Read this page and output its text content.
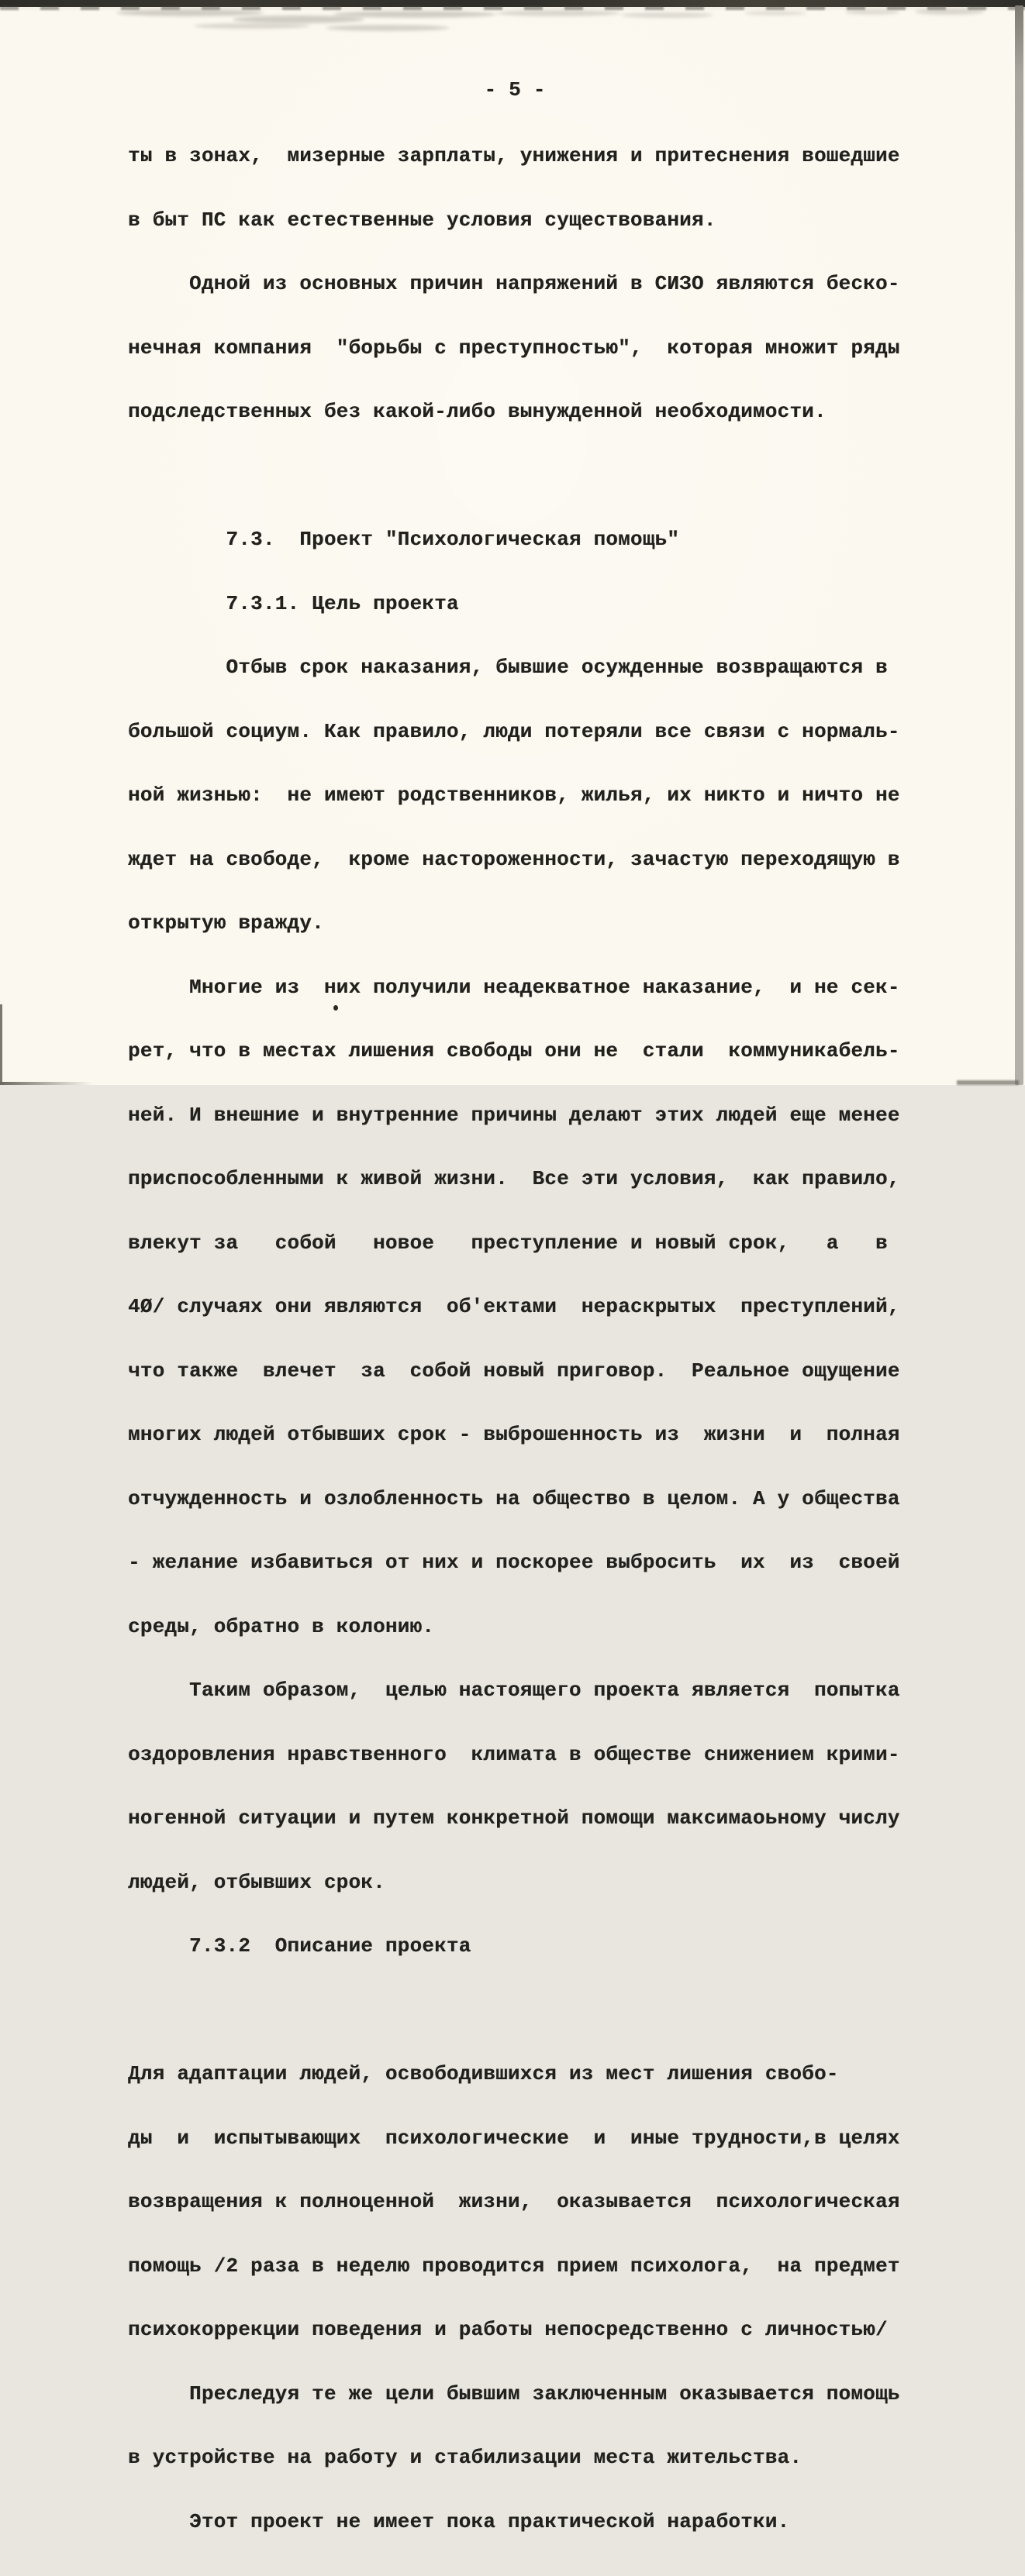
- 5 -

ты в зонах,  мизерные зарплаты, унижения и притеснения вошедшие

в быт ПС как естественные условия существования.

Одной из основных причин напряжений в СИЗО являются беско-

нечная компания  "борьбы с преступностью",  которая множит ряды

подследственных без какой-либо вынужденной необходимости.

7.3.  Проект "Психологическая помощь"

7.3.1. Цель проекта

Отбыв срок наказания, бывшие осужденные возвращаются в

большой социум. Как правило, люди потеряли все связи с нормаль-

ной жизнью:  не имеют родственников, жилья, их никто и ничто не

ждет на свободе,  кроме настороженности, зачастую переходящую в

открытую вражду.

Многие из  них получили неадекватное наказание,  и не сек-

рет, что в местах лишения свободы они не  стали  коммуникабель-

ней. И внешние и внутренние причины делают этих людей еще менее

приспособленными к живой жизни.  Все эти условия,  как правило,

влекут за   собой   новое   преступление и новый срок,   а   в

4Ø/ случаях они являются  об'ектами  нераскрытых  преступлений,

что также  влечет  за  собой новый приговор.  Реальное ощущение

многих людей отбывших срок - выброшенность из  жизни  и  полная

отчужденность и озлобленность на общество в целом. А у общества

- желание избавиться от них и поскорее выбросить  их  из  своей

среды, обратно в колонию.

Таким образом,  целью настоящего проекта является  попытка

оздоровления нравственного  климата в обществе снижением крими-

ногенной ситуации и путем конкретной помощи максимаоьному числу

людей, отбывших срок.

7.3.2  Описание проекта

Для адаптации людей, освободившихся из мест лишения свобо-

ды  и  испытывающих  психологические  и  иные трудности,в целях

возвращения к полноценной  жизни,  оказывается  психологическая

помощь /2 раза в неделю проводится прием психолога,  на предмет

психокоррекции поведения и работы непосредственно с личностью/

Преследуя те же цели бывшим заключенным оказывается помощь

в устройстве на работу и стабилизации места жительства.

Этот проект не имеет пока практической наработки.
